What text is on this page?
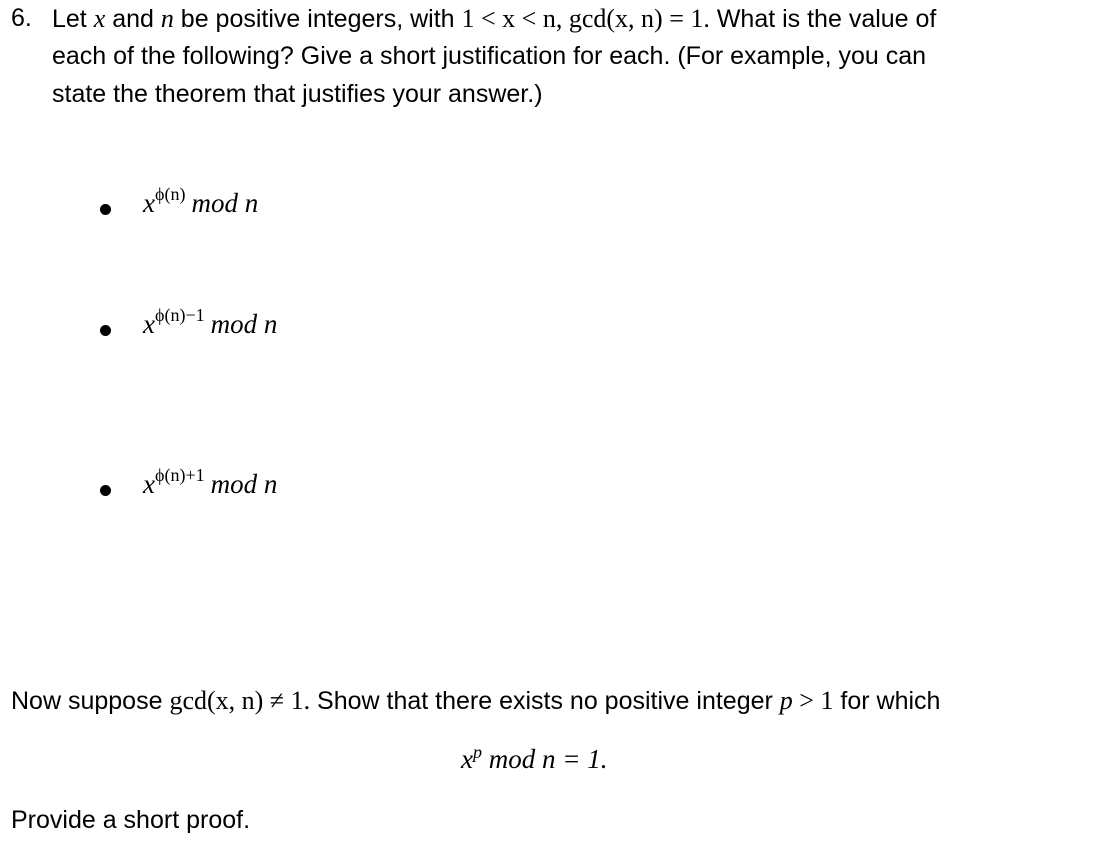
6. Let x and n be positive integers, with 1 < x < n, gcd(x, n) = 1. What is the value of
each of the following? Give a short justification for each. (For example, you can
state the theorem that justifies your answer.)
$x^{\phi(n)}$ mod n
$x^{\phi(n)-1}$ mod n
$x^{\phi(n)+1}$ mod n
Now suppose gcd(x, n) ≠ 1. Show that there exists no positive integer p > 1 for which
$x^p$ mod n = 1.
Provide a short proof.
